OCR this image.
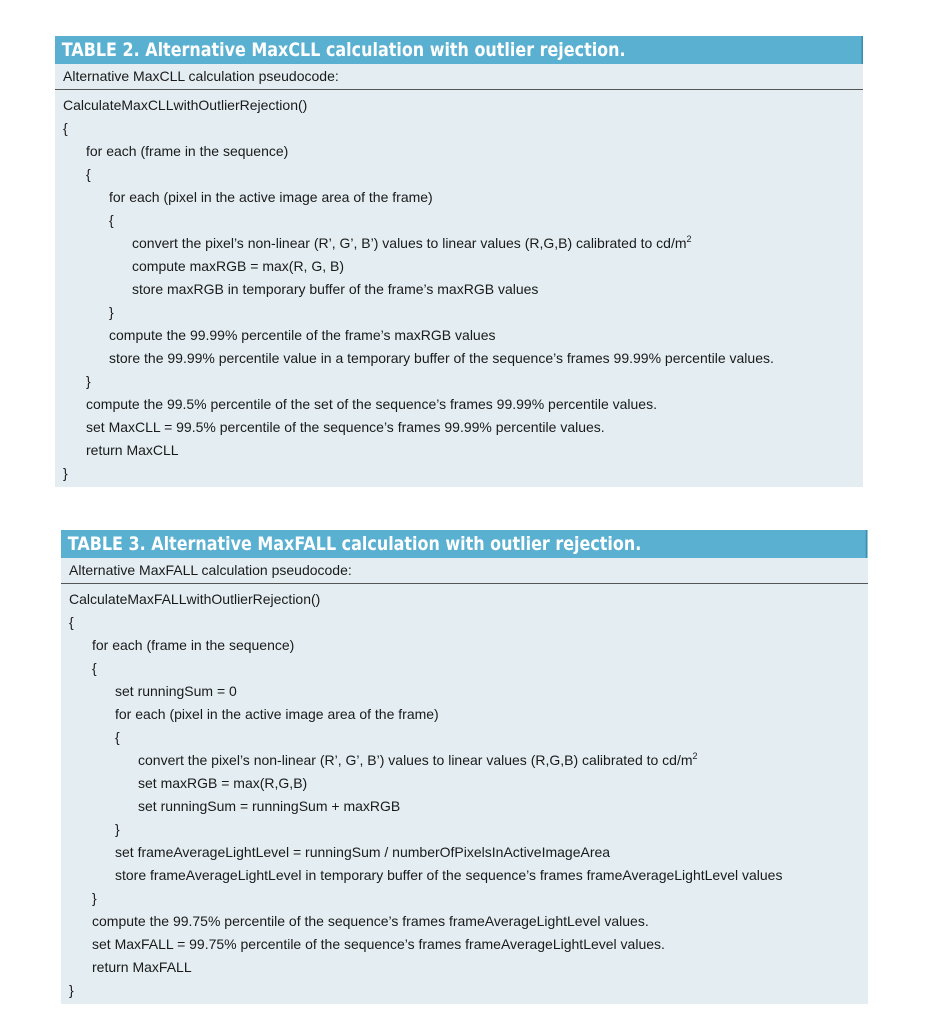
TABLE 2. Alternative MaxCLL calculation with outlier rejection.
Alternative MaxCLL calculation pseudocode:
CalculateMaxCLLwithOutlierRejection()
{
for each (frame in the sequence)
{
for each (pixel in the active image area of the frame)
{
convert the pixel’s non-linear (R’, G’, B’) values to linear values (R,G,B) calibrated to $cd/m^2$
compute maxRGB = max(R, G, B)
store maxRGB in temporary buffer of the frame’s maxRGB values
}
compute the 99.99% percentile of the frame’s maxRGB values
store the 99.99% percentile value in a temporary buffer of the sequence’s frames 99.99% percentile values.
}
compute the 99.5% percentile of the set of the sequence’s frames 99.99% percentile values.
set MaxCLL = 99.5% percentile of the sequence’s frames 99.99% percentile values.
return MaxCLL
}
TABLE 3. Alternative MaxFALL calculation with outlier rejection.
Alternative MaxFALL calculation pseudocode:
CalculateMaxFALLwithOutlierRejection()
{
for each (frame in the sequence)
{
set runningSum = 0
for each (pixel in the active image area of the frame)
{
convert the pixel’s non-linear (R’, G’, B’) values to linear values (R,G,B) calibrated to $cd/m^2$
set maxRGB = max(R,G,B)
set runningSum = runningSum + maxRGB
}
set frameAverageLightLevel = runningSum / numberOfPixelsInActiveImageArea
store frameAverageLightLevel in temporary buffer of the sequence’s frames frameAverageLightLevel values
}
compute the 99.75% percentile of the sequence’s frames frameAverageLightLevel values.
set MaxFALL = 99.75% percentile of the sequence’s frames frameAverageLightLevel values.
return MaxFALL
}
